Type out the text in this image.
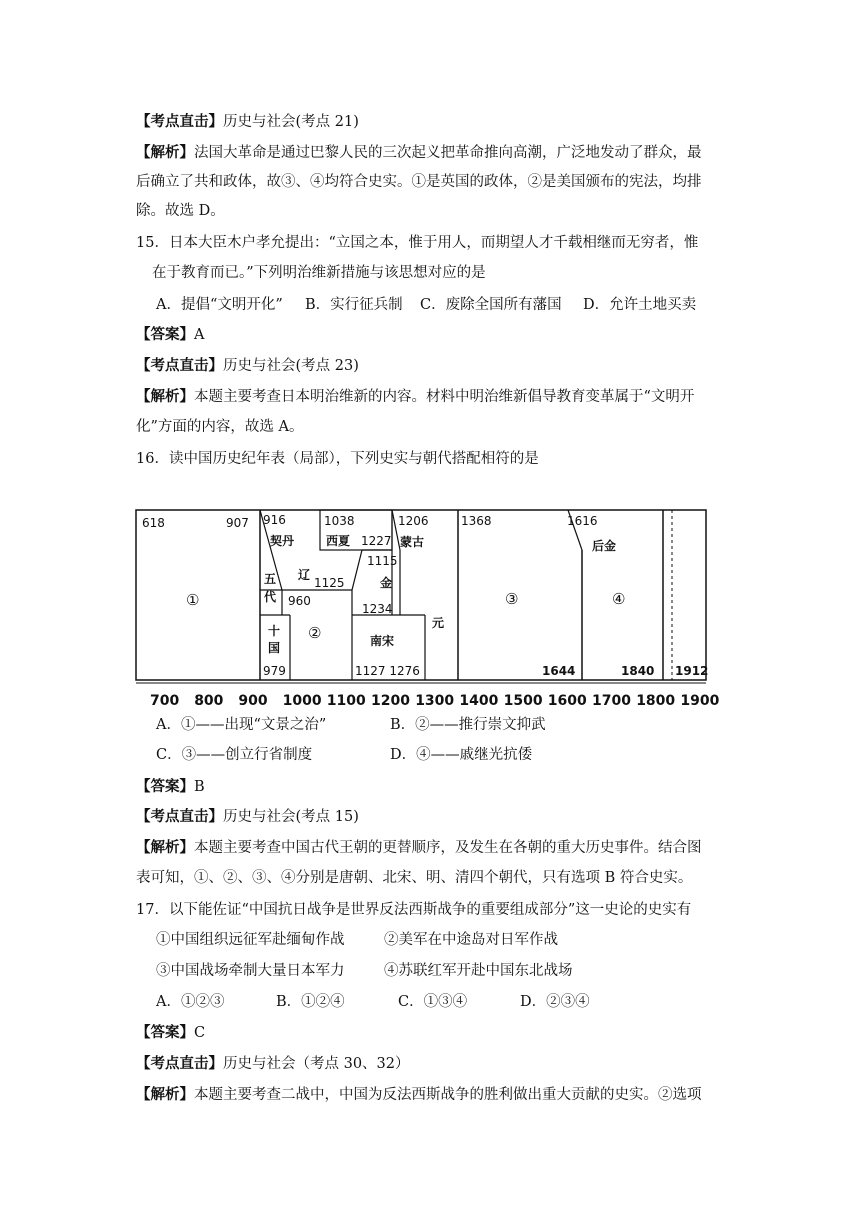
【考点直击】历史与社会(考点 21)
【解析】法国大革命是通过巴黎人民的三次起义把革命推向高潮，广泛地发动了群众，最
后确立了共和政体，故③、④均符合史实。①是英国的政体，②是美国颁布的宪法，均排
除。故选 D。
15．日本大臣木户孝允提出：“立国之本，惟于用人，而期望人才千载相继而无穷者，惟
在于教育而已。”下列明治维新措施与该思想对应的是
A．提倡“文明开化” B．实行征兵制 C．废除全国所有藩国 D．允许土地买卖
【答案】A
【考点直击】历史与社会(考点 23)
【解析】本题主要考查日本明治维新的内容。材料中明治维新倡导教育变革属于“文明开
化”方面的内容，故选 A。
16．读中国历史纪年表（局部），下列史实与朝代搭配相符的是
618	907 916	1038	1206	1368	1616
1227
1115
1125
960
1234
979	1127 1276	1644	1840 1912
契丹	西夏	蒙古
五
代
辽
金
十
国	南宋
元
后金
①
②
③	④
700 800 900 1000 1100 1200 1300 1400 1500 1600 1700 1800 1900
A．①——出现“文景之治”	B．②——推行崇文抑武
C．③——创立行省制度	D．④——戚继光抗倭
【答案】B
【考点直击】历史与社会(考点 15)
【解析】本题主要考查中国古代王朝的更替顺序，及发生在各朝的重大历史事件。结合图
表可知，①、②、③、④分别是唐朝、北宋、明、清四个朝代，只有选项 B 符合史实。
17．以下能佐证“中国抗日战争是世界反法西斯战争的重要组成部分”这一史论的史实有
①中国组织远征军赴缅甸作战	②美军在中途岛对日军作战
③中国战场牵制大量日本军力	④苏联红军开赴中国东北战场
A．①②③	B．①②④	C．①③④	D．②③④
【答案】C
【考点直击】历史与社会（考点 30、32）
【解析】本题主要考查二战中，中国为反法西斯战争的胜利做出重大贡献的史实。②选项
